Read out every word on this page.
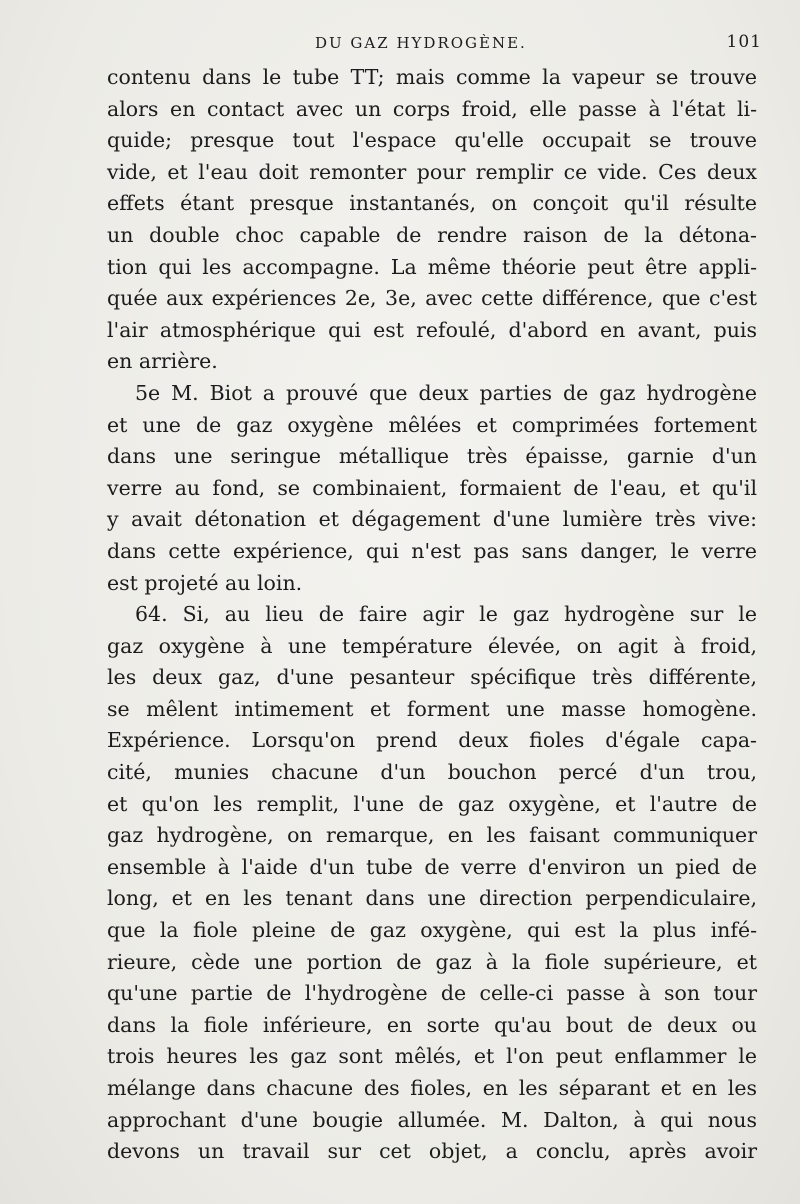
DU GAZ HYDROGÈNE.	101
contenu dans le tube TT; mais comme la vapeur se trouve
alors en contact avec un corps froid, elle passe à l'état li-
quide; presque tout l'espace qu'elle occupait se trouve
vide, et l'eau doit remonter pour remplir ce vide. Ces deux
effets étant presque instantanés, on conçoit qu'il résulte
un double choc capable de rendre raison de la détona-
tion qui les accompagne. La même théorie peut être appli-
quée aux expériences 2e, 3e, avec cette différence, que c'est
l'air atmosphérique qui est refoulé, d'abord en avant, puis
en arrière.
5e M. Biot a prouvé que deux parties de gaz hydrogène
et une de gaz oxygène mêlées et comprimées fortement
dans une seringue métallique très épaisse, garnie d'un
verre au fond, se combinaient, formaient de l'eau, et qu'il
y avait détonation et dégagement d'une lumière très vive:
dans cette expérience, qui n'est pas sans danger, le verre
est projeté au loin.
64. Si, au lieu de faire agir le gaz hydrogène sur le
gaz oxygène à une température élevée, on agit à froid,
les deux gaz, d'une pesanteur spécifique très différente,
se mêlent intimement et forment une masse homogène.
Expérience. Lorsqu'on prend deux fioles d'égale capa-
cité, munies chacune d'un bouchon percé d'un trou,
et qu'on les remplit, l'une de gaz oxygène, et l'autre de
gaz hydrogène, on remarque, en les faisant communiquer
ensemble à l'aide d'un tube de verre d'environ un pied de
long, et en les tenant dans une direction perpendiculaire,
que la fiole pleine de gaz oxygène, qui est la plus infé-
rieure, cède une portion de gaz à la fiole supérieure, et
qu'une partie de l'hydrogène de celle-ci passe à son tour
dans la fiole inférieure, en sorte qu'au bout de deux ou
trois heures les gaz sont mêlés, et l'on peut enflammer le
mélange dans chacune des fioles, en les séparant et en les
approchant d'une bougie allumée. M. Dalton, à qui nous
devons un travail sur cet objet, a conclu, après avoir
